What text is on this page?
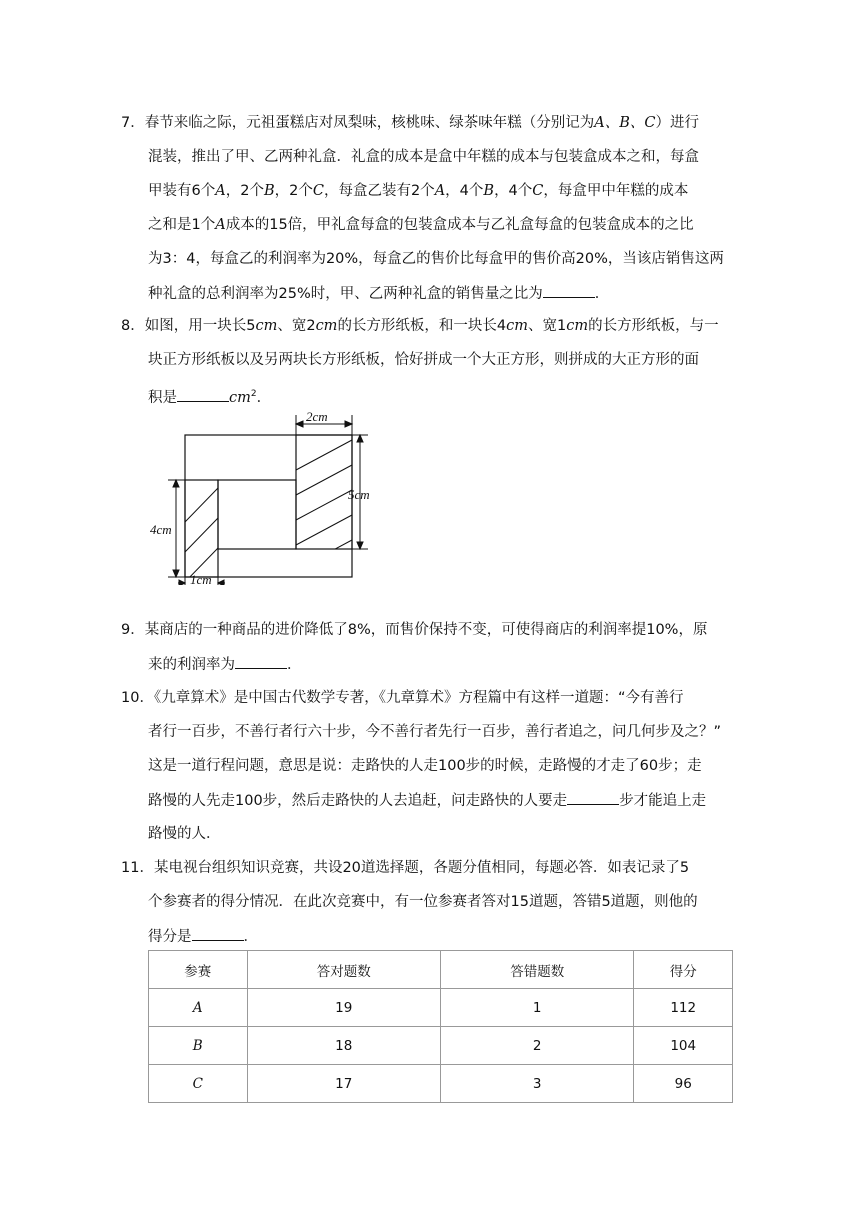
7．春节来临之际，元祖蛋糕店对凤梨味，核桃味、绿茶味年糕（分别记为A、B、C）进行
混装，推出了甲、乙两种礼盒．礼盒的成本是盒中年糕的成本与包装盒成本之和，每盒
甲装有6个A，2个B，2个C，每盒乙装有2个A，4个B，4个C，每盒甲中年糕的成本
之和是1个A成本的15倍，甲礼盒每盒的包装盒成本与乙礼盒每盒的包装盒成本的之比
为3：4，每盒乙的利润率为20%，每盒乙的售价比每盒甲的售价高20%，当该店销售这两
种礼盒的总利润率为25%时，甲、乙两种礼盒的销售量之比为	．
8．如图，用一块长5cm、宽2cm的长方形纸板，和一块长4cm、宽1cm的长方形纸板，与一
块正方形纸板以及另两块长方形纸板，恰好拼成一个大正方形，则拼成的大正方形的面
积是	$cm^2$．
2cm
5cm
4cm
1cm
9．某商店的一种商品的进价降低了8%，而售价保持不变，可使得商店的利润率提10%，原
来的利润率为	．
10．《九章算术》是中国古代数学专著，《九章算术》方程篇中有这样一道题：“今有善行
者行一百步，不善行者行六十步，今不善行者先行一百步，善行者追之，问几何步及之？”
这是一道行程问题，意思是说：走路快的人走100步的时候，走路慢的才走了60步；走
路慢的人先走100步，然后走路快的人去追赶，问走路快的人要走	步才能追上走
路慢的人．
11．某电视台组织知识竞赛，共设20道选择题，各题分值相同，每题必答．如表记录了5
个参赛者的得分情况．在此次竞赛中，有一位参赛者答对15道题，答错5道题，则他的
得分是	．
参赛	答对题数	答错题数	得分
A	19	1	112
B	18	2	104
C	17	3	96
